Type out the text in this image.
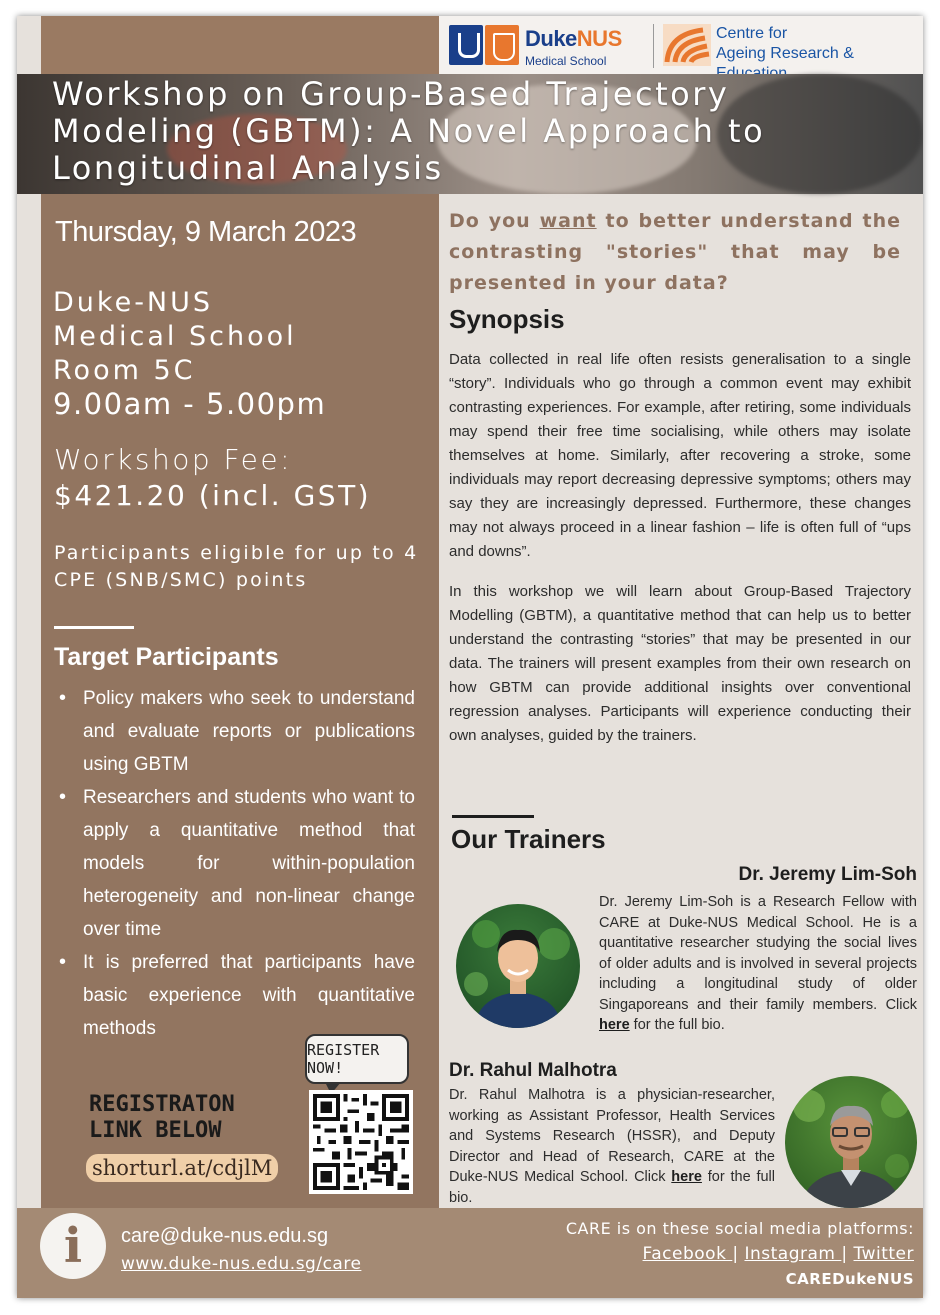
DukeNUS
Medical School
Centre for
Ageing Research &
Workshop on Group-Based Trajectory Modeling (GBTM): A Novel Approach to Longitudinal Analysis
Thursday, 9 March 2023
Duke-NUS
Medical School
Room 5C
9.00am - 5.00pm
Workshop Fee:
$421.20 (incl. GST)
Participants eligible for up to 4 CPE (SNB/SMC) points
Target Participants
• Policy makers who seek to understand and evaluate reports or publications using GBTM
• Researchers and students who want to apply a quantitative method that models for within-population heterogeneity and non-linear change over time
• It is preferred that participants have basic experience with quantitative methods
REGISTER NOW!
REGISTRATON
LINK BELOW
shorturl.at/cdjlM
Do you want to better understand the contrasting "stories" that may be presented in your data?
Synopsis

Data collected in real life often resists generalisation to a single “story”. Individuals who go through a common event may exhibit contrasting experiences. For example, after retiring, some individuals may spend their free time socialising, while others may isolate themselves at home. Similarly, after recovering a stroke, some individuals may report decreasing depressive symptoms; others may say they are increasingly depressed. Furthermore, these changes may not always proceed in a linear fashion – life is often full of “ups and downs”.

In this workshop we will learn about Group-Based Trajectory Modelling (GBTM), a quantitative method that can help us to better understand the contrasting “stories” that may be presented in our data. The trainers will present examples from their own research on how GBTM can provide additional insights over conventional regression analyses. Participants will experience conducting their own analyses, guided by the trainers.

Our Trainers
Dr. Jeremy Lim-Soh
Dr. Jeremy Lim-Soh is a Research Fellow with CARE at Duke-NUS Medical School. He is a quantitative researcher studying the social lives of older adults and is involved in several projects including a longitudinal study of older Singaporeans and their family members. Click here for the full bio.
Dr. Rahul Malhotra
Dr. Rahul Malhotra is a physician-researcher, working as Assistant Professor, Health Services and Systems Research (HSSR), and Deputy Director and Head of Research, CARE at the Duke-NUS Medical School. Click here for the full bio.
i	care@duke-nus.edu.sg
www.duke-nus.edu.sg/care
CARE is on these social media platforms:
Facebook | Instagram | Twitter
CAREDukeNUS
